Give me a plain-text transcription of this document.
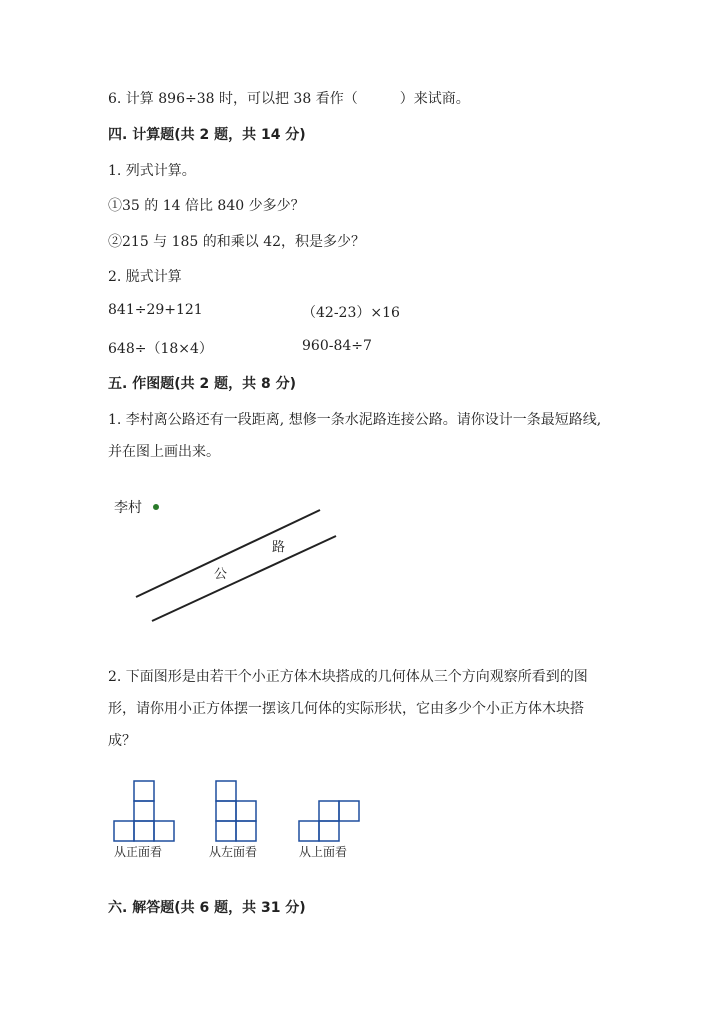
6. 计算 896÷38 时，可以把 38 看作（　　　）来试商。
四. 计算题(共 2 题，共 14 分)
1. 列式计算。
①35 的 14 倍比 840 少多少？
②215 与 185 的和乘以 42，积是多少？
2. 脱式计算
841÷29+121	（42-23）×16
648÷（18×4）	960-84÷7
五. 作图题(共 2 题，共 8 分)
1. 李村离公路还有一段距离, 想修一条水泥路连接公路。请你设计一条最短路线,
并在图上画出来。
李村
公
路
2. 下面图形是由若干个小正方体木块搭成的几何体从三个方向观察所看到的图
形，请你用小正方体摆一摆该几何体的实际形状，它由多少个小正方体木块搭
成？
从正面看	从左面看	从上面看
六. 解答题(共 6 题，共 31 分)
